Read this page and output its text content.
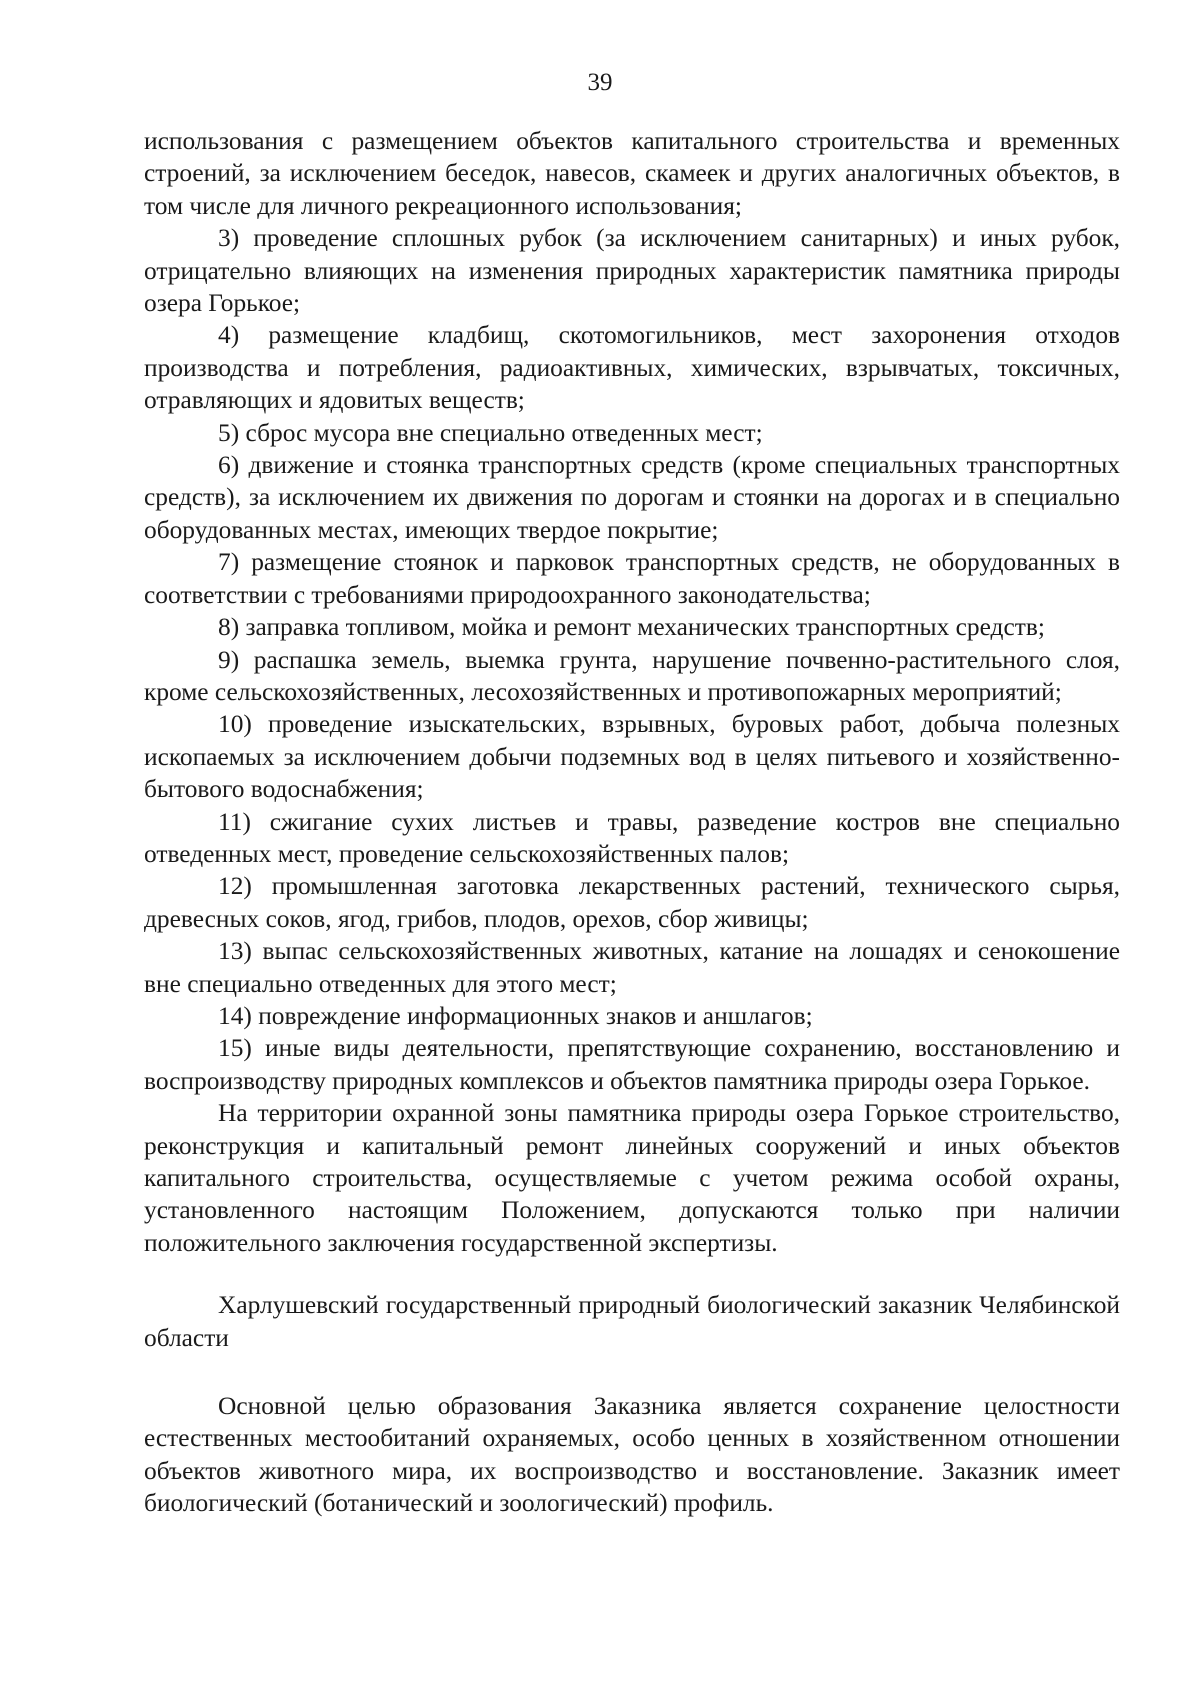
39

использования с размещением объектов капитального строительства и временных строений, за исключением беседок, навесов, скамеек и других аналогичных объектов, в том числе для личного рекреационного использования;

3) проведение сплошных рубок (за исключением санитарных) и иных рубок, отрицательно влияющих на изменения природных характеристик памятника природы озера Горькое;

4) размещение кладбищ, скотомогильников, мест захоронения отходов производства и потребления, радиоактивных, химических, взрывчатых, токсичных, отравляющих и ядовитых веществ;

5) сброс мусора вне специально отведенных мест;

6) движение и стоянка транспортных средств (кроме специальных транспортных средств), за исключением их движения по дорогам и стоянки на дорогах и в специально оборудованных местах, имеющих твердое покрытие;

7) размещение стоянок и парковок транспортных средств, не оборудованных в соответствии с требованиями природоохранного законодательства;

8) заправка топливом, мойка и ремонт механических транспортных средств;

9) распашка земель, выемка грунта, нарушение почвенно-растительного слоя, кроме сельскохозяйственных, лесохозяйственных и противопожарных мероприятий;

10) проведение изыскательских, взрывных, буровых работ, добыча полезных ископаемых за исключением добычи подземных вод в целях питьевого и хозяйственно-бытового водоснабжения;

11) сжигание сухих листьев и травы, разведение костров вне специально отведенных мест, проведение сельскохозяйственных палов;

12) промышленная заготовка лекарственных растений, технического сырья, древесных соков, ягод, грибов, плодов, орехов, сбор живицы;

13) выпас сельскохозяйственных животных, катание на лошадях и сенокошение вне специально отведенных для этого мест;

14) повреждение информационных знаков и аншлагов;

15) иные виды деятельности, препятствующие сохранению, восстановлению и воспроизводству природных комплексов и объектов памятника природы озера Горькое.

На территории охранной зоны памятника природы озера Горькое строительство, реконструкция и капитальный ремонт линейных сооружений и иных объектов капитального строительства, осуществляемые с учетом режима особой охраны, установленного настоящим Положением, допускаются только при наличии положительного заключения государственной экспертизы.

Харлушевский государственный природный биологический заказник Челябинской области

Основной целью образования Заказника является сохранение целостности естественных местообитаний охраняемых, особо ценных в хозяйственном отношении объектов животного мира, их воспроизводство и восстановление. Заказник имеет биологический (ботанический и зоологический) профиль.
